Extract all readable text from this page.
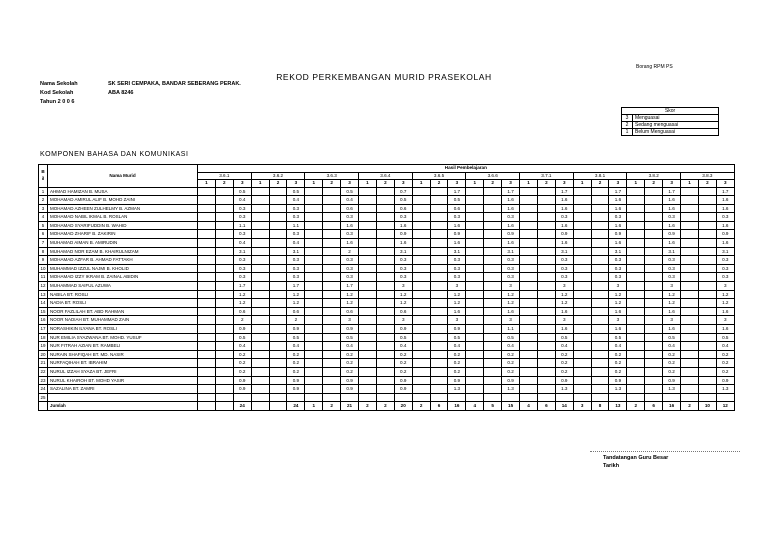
Borang RPM PS
REKOD PERKEMBANGAN MURID PRASEKOLAH
Nama Sekolah	SK SERI CEMPAKA, BANDAR SEBERANG PERAK.
Kod Sekolah	ABA 8246
Tahun 2 0 0 6
Skor	
3	Menguasai
2	Sedang menguasai
1	Belum Menguasai
KOMPONEN BAHASA DAN KOMUNIKASI
B
il	Nama Murid	Hasil Pembelajaran																													
		3.6.1			3.6.2			3.6.3			3.6.4			3.6.5			3.6.6			3.7.1			3.8.1			3.8.2			3.8.3		
		1	2	3	1	2	3	1	2	3	1	2	3	1	2	3	1	2	3	1	2	3	1	2	3	1	2	3	1	2	3
1	AHMAD HAMIZAN B. MUSA			0.5			0.5			0.5			0.7			1.7			1.7			1.7			1.7			1.7			1.7
2	MOHAMAD AMIRUL ALIF B. MOHD ZAINI			0.4			0.4			0.4			0.5			0.5			1.6			1.6			1.6			1.6			1.6
3	MOHAMAD AZHEEN ZULHELMY B. AZMAN			0.3			0.3			0.6			0.6			0.6			1.6			1.6			1.6			1.6			1.6
4	MOHAMAD NABIL IKMAL B. ROSLAN			0.3			0.3			0.3			0.3			0.3			0.3			0.3			0.3			0.3			0.3
5	MOHAMAD SYARIFUDDIN B. WAHID			1.1			1.1			1.6			1.6			1.6			1.6			1.6			1.6			1.6			1.6
6	MOHAMAD ZHARIF B. ZAKIRIN			0.3			0.3			0.3			0.9			0.9			0.9			0.9			0.9			0.9			0.9
7	MUHAMAD AIMAN B. AMIRUDIN			0.4			0.4			1.6			1.6			1.6			1.6			1.6			1.6			1.6			1.6
8	MUHAMAD NOR EZAM B. KHAIRULNIZAM			3.1			3.1			2			3.1			3.1			3.1			3.1			3.1			3.1			3.1
9	MOHAMAD AZFAR B. AHMAD FATTAKH			0.3			0.3			0.3			0.3			0.3			0.3			0.3			0.3			0.3			0.3
10	MUHAMMAD IZZUL NAJMI B. KHOLID			0.3			0.3			0.3			0.3			0.3			0.3			0.3			0.3			0.3			0.3
11	MOHAMAD IZZY IKRAM B. ZAINAL ABIDIN			0.3			0.3			0.3			0.3			0.3			0.3			0.3			0.3			0.3			0.3
12	MUHAMMAD SAIFUL AZUWA			1.7			1.7			1.7			3			3			3			3			3			3			3
13	NABILA BT. ROSLI			1.2			1.2			1.2			1.2			1.2			1.2			1.2			1.2			1.2			1.2
14	NADIA BT. ROSLI			1.2			1.2			1.2			1.2			1.2			1.2			1.2			1.2			1.2			1.2
15	NOOR FAZLILAH BT. ABD RAHMAN			0.6			0.6			0.6			0.6			1.6			1.6			1.6			1.6			1.6			1.6
16	NOOR NADIAH BT. MUHAMMAD ZAIN			2			2			3			3			3			3			3			3			3			3
17	NORASHIKIN ILYANA BT. ROSLI			0.9			0.9			0.9			0.9			0.9			1.1			1.6			1.6			1.6			1.6
18	NUR EMILIA SYAZWANA BT. MOHD. YUSUF			0.5			0.5			0.5			0.5			0.5			0.5			0.5			0.5			0.5			0.5
19	NUR FITRAH AZIAN BT. RAMBELI			0.4			0.4			0.4			0.4			0.4			0.4			0.4			0.4			0.4			0.4
20	NURAIN SHAFIQAH BT. MD. NASIR			0.2			0.2			0.2			0.2			0.2			0.2			0.2			0.2			0.2			0.2
21	NURFAQIHAH BT. IBRAHIM			0.2			0.2			0.2			0.2			0.2			0.2			0.2			0.2			0.2			0.2
22	NURUL IZZAH SYAZA BT. JEFRI			0.2			0.2			0.2			0.2			0.2			0.2			0.2			0.2			0.2			0.2
23	NURUL KHAIROH BT. MOHD YASIR			0.9			0.9			0.9			0.9			0.9			0.9			0.9			0.9			0.9			0.9
24	SAZALINA BT. ZAMRI			0.9			0.9			0.9			0.9			1.3			1.3			1.3			1.3			1.3			1.3
25																															
	Jumlah			24			24	1	2	21	2	2	20	2	6	16	4	5	15	4	6	14	3	8	13	2	6	16	2	10	12
Tandatangan Guru Besar
Tarikh
